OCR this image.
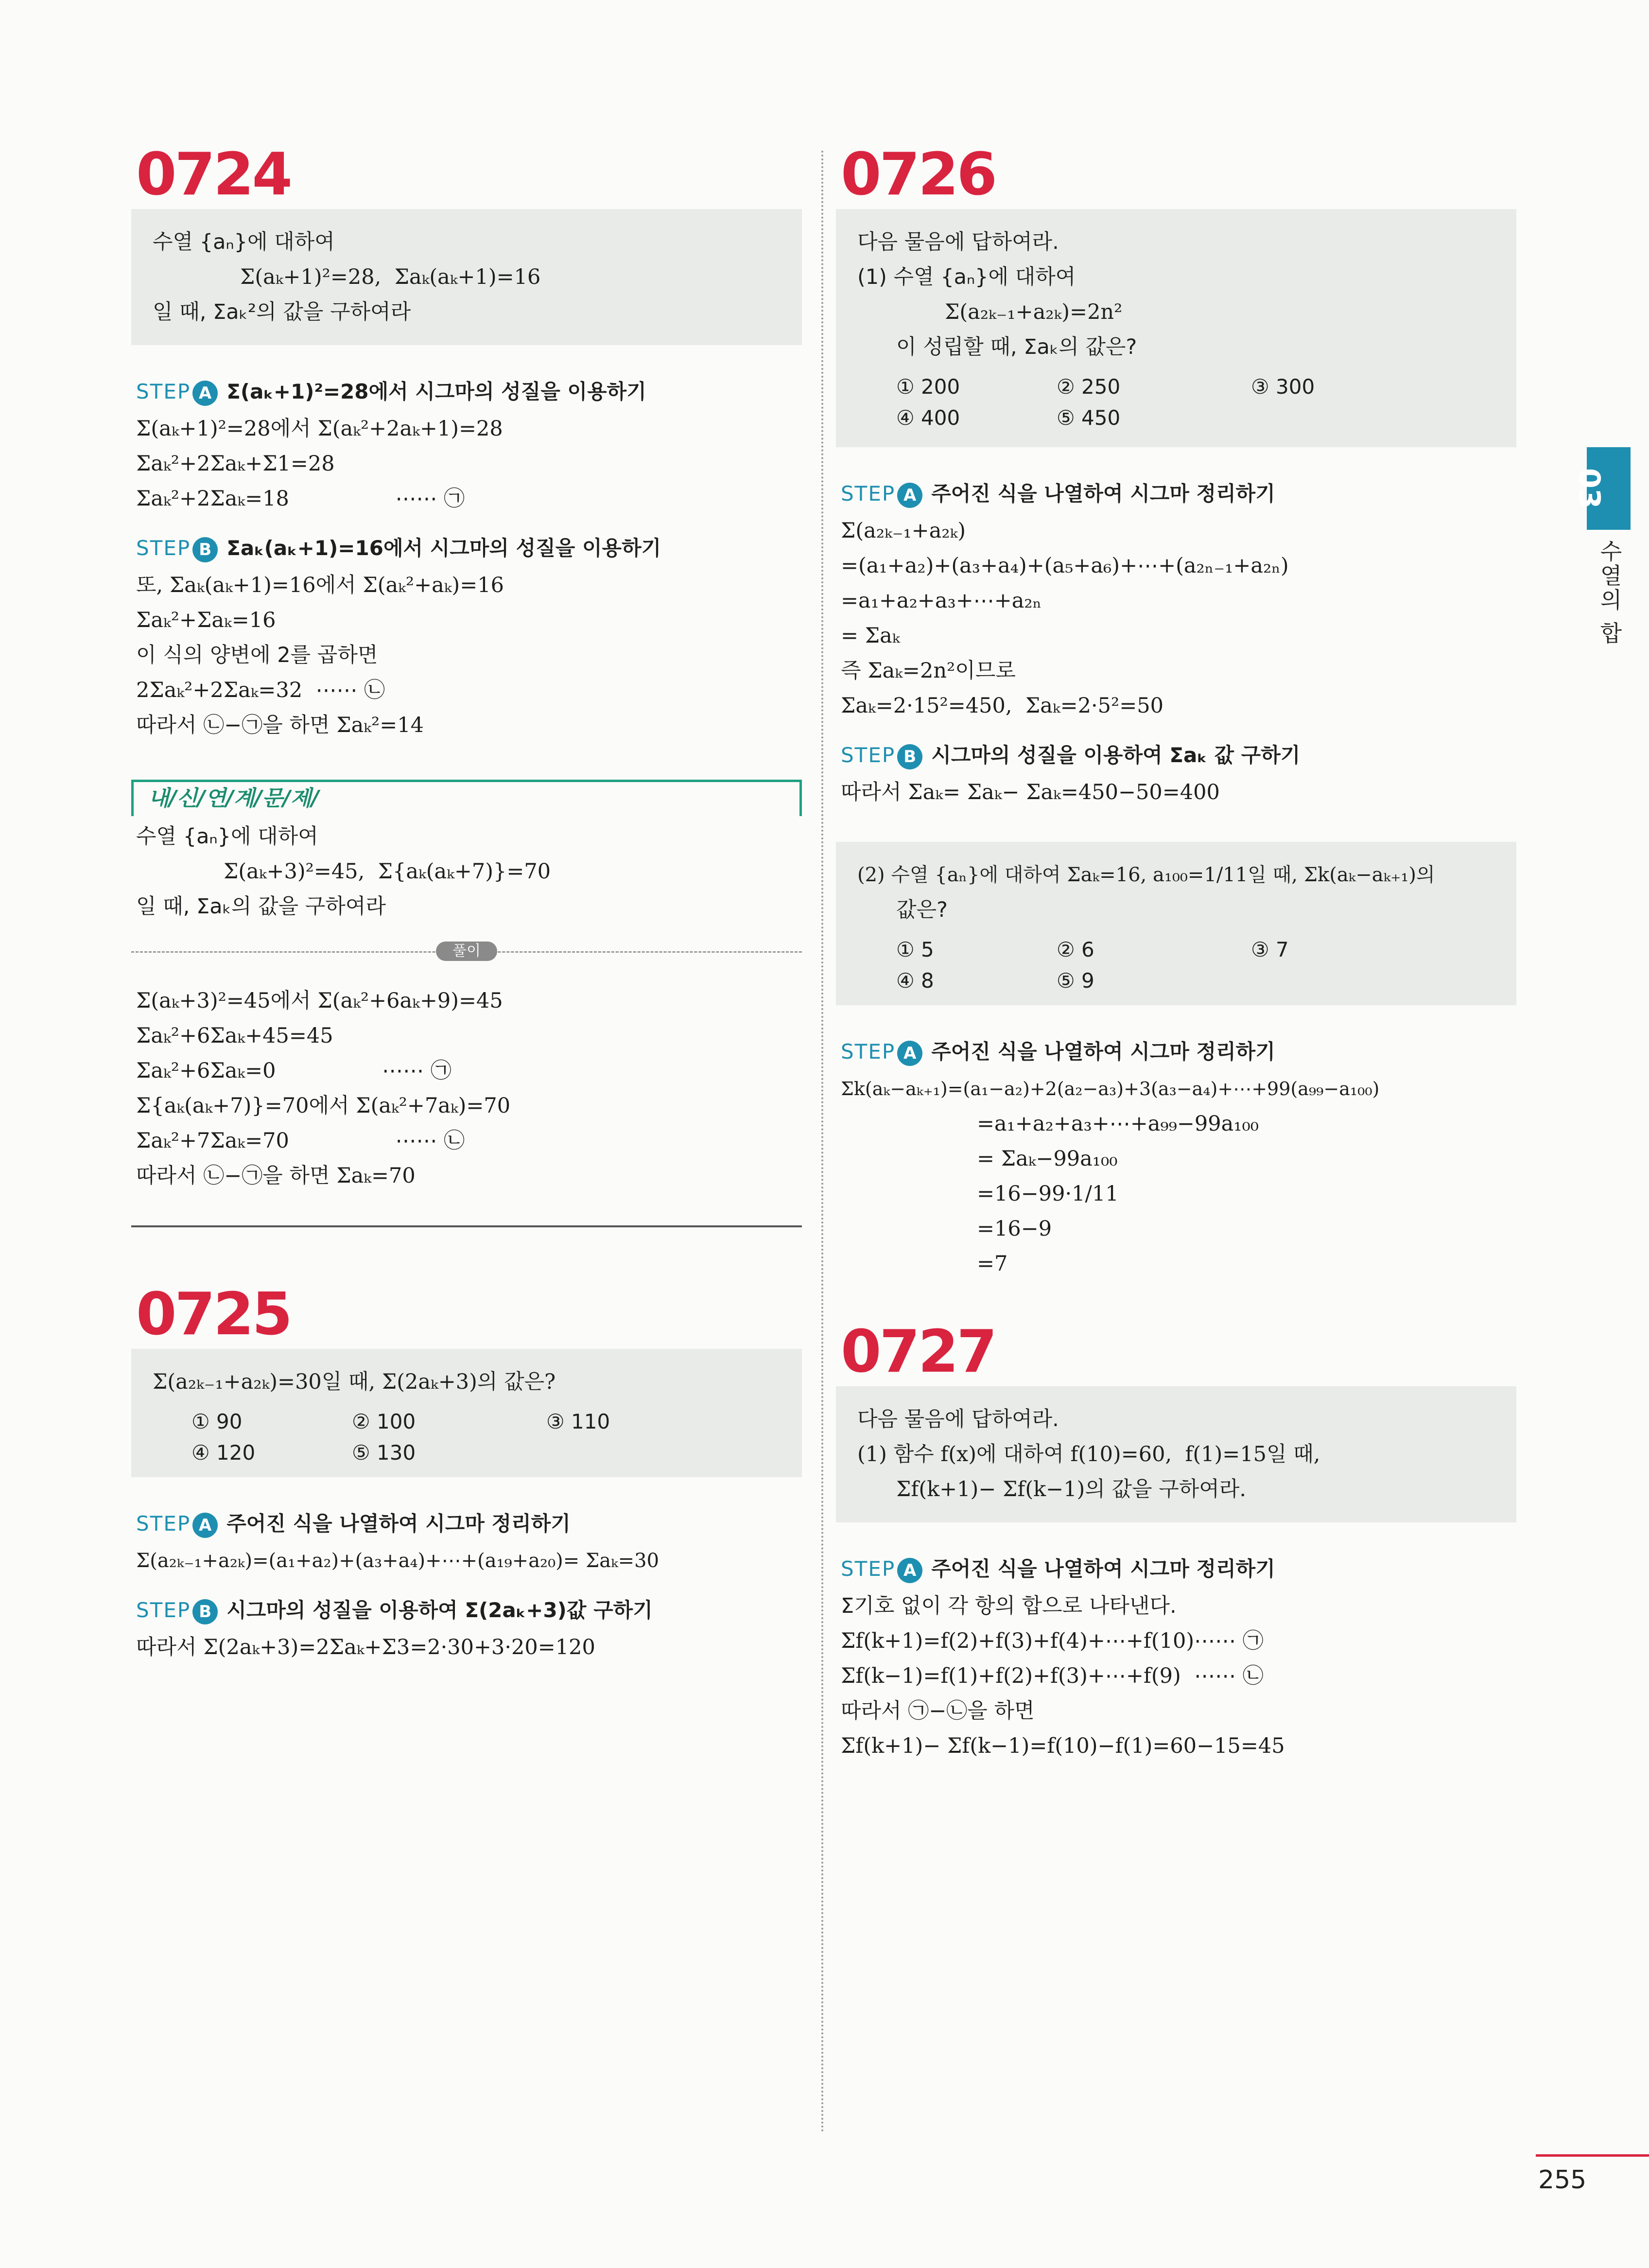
0724
수열 {aₙ}에 대하여
Σ(aₖ+1)²=28,  Σaₖ(aₖ+1)=16
일 때, Σaₖ²의 값을 구하여라
STEP A Σ(aₖ+1)²=28에서 시그마의 성질을 이용하기
Σ(aₖ+1)²=28에서 Σ(aₖ²+2aₖ+1)=28
Σaₖ²+2Σaₖ+Σ1=28
Σaₖ²+2Σaₖ=18                ⋯⋯ ㉠
STEP B Σaₖ(aₖ+1)=16에서 시그마의 성질을 이용하기
또, Σaₖ(aₖ+1)=16에서 Σ(aₖ²+aₖ)=16
Σaₖ²+Σaₖ=16
이 식의 양변에 2를 곱하면
2Σaₖ²+2Σaₖ=32  ⋯⋯ ㉡
따라서 ㉡−㉠을 하면 Σaₖ²=14
내/신/연/계/문/제/
수열 {aₙ}에 대하여
Σ(aₖ+3)²=45,  Σ{aₖ(aₖ+7)}=70
일 때, Σaₖ의 값을 구하여라
풀이
Σ(aₖ+3)²=45에서 Σ(aₖ²+6aₖ+9)=45
Σaₖ²+6Σaₖ+45=45
Σaₖ²+6Σaₖ=0                ⋯⋯ ㉠
Σ{aₖ(aₖ+7)}=70에서 Σ(aₖ²+7aₖ)=70
Σaₖ²+7Σaₖ=70                ⋯⋯ ㉡
따라서 ㉡−㉠을 하면 Σaₖ=70
0725
Σ(a₂ₖ₋₁+a₂ₖ)=30일 때, Σ(2aₖ+3)의 값은?
① 90	② 100	③ 110
④ 120	⑤ 130
STEP A 주어진 식을 나열하여 시그마 정리하기
Σ(a₂ₖ₋₁+a₂ₖ)=(a₁+a₂)+(a₃+a₄)+⋯+(a₁₉+a₂₀)= Σaₖ=30
STEP B 시그마의 성질을 이용하여 Σ(2aₖ+3)값 구하기
따라서 Σ(2aₖ+3)=2Σaₖ+Σ3=2·30+3·20=120
0726
다음 물음에 답하여라.
(1) 수열 {aₙ}에 대하여
Σ(a₂ₖ₋₁+a₂ₖ)=2n²
이 성립할 때, Σaₖ의 값은?
① 200	② 250	③ 300
④ 400	⑤ 450
STEP A 주어진 식을 나열하여 시그마 정리하기
Σ(a₂ₖ₋₁+a₂ₖ)
=(a₁+a₂)+(a₃+a₄)+(a₅+a₆)+⋯+(a₂ₙ₋₁+a₂ₙ)
=a₁+a₂+a₃+⋯+a₂ₙ
= Σaₖ
즉 Σaₖ=2n²이므로
Σaₖ=2·15²=450,  Σaₖ=2·5²=50
STEP B 시그마의 성질을 이용하여 Σaₖ 값 구하기
따라서 Σaₖ= Σaₖ− Σaₖ=450−50=400
(2) 수열 {aₙ}에 대하여 Σaₖ=16, a₁₀₀=1/11일 때, Σk(aₖ−aₖ₊₁)의
값은?
① 5	② 6	③ 7
④ 8	⑤ 9
STEP A 주어진 식을 나열하여 시그마 정리하기
Σk(aₖ−aₖ₊₁)=(a₁−a₂)+2(a₂−a₃)+3(a₃−a₄)+⋯+99(a₉₉−a₁₀₀)
=a₁+a₂+a₃+⋯+a₉₉−99a₁₀₀
= Σaₖ−99a₁₀₀
=16−99·1/11
=16−9
=7
0727
다음 물음에 답하여라.
(1) 함수 f(x)에 대하여 f(10)=60,  f(1)=15일 때,
Σf(k+1)− Σf(k−1)의 값을 구하여라.
STEP A 주어진 식을 나열하여 시그마 정리하기
Σ기호 없이 각 항의 합으로 나타낸다.
Σf(k+1)=f(2)+f(3)+f(4)+⋯+f(10)⋯⋯ ㉠
Σf(k−1)=f(1)+f(2)+f(3)+⋯+f(9)  ⋯⋯ ㉡
따라서 ㉠−㉡을 하면
Σf(k+1)− Σf(k−1)=f(10)−f(1)=60−15=45
03
수열의 합
255
